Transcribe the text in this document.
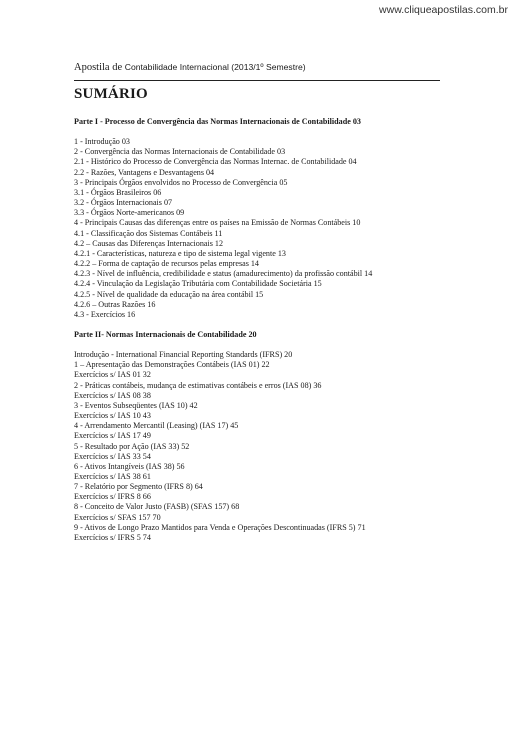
www.cliqueapostilas.com.br
Apostila de Contabilidade Internacional (2013/1º Semestre)
SUMÁRIO
Parte I - Processo de Convergência das Normas Internacionais de Contabilidade 03
1 - Introdução 03
2 - Convergência das Normas Internacionais de Contabilidade 03
2.1 - Histórico do Processo de Convergência das Normas Internac. de Contabilidade 04
2.2 - Razões, Vantagens e Desvantagens 04
3 - Principais Órgãos envolvidos no Processo de Convergência 05
3.1 - Órgãos Brasileiros 06
3.2 - Órgãos Internacionais 07
3.3 - Órgãos Norte-americanos 09
4 - Principais Causas das diferenças entre os países na Emissão de Normas Contábeis 10
4.1 - Classificação dos Sistemas Contábeis 11
4.2 – Causas das Diferenças Internacionais 12
4.2.1 - Características, natureza e tipo de sistema legal vigente 13
4.2.2 – Forma de captação de recursos pelas empresas 14
4.2.3 - Nível de influência, credibilidade e status (amadurecimento) da profissão contábil 14
4.2.4 - Vinculação da Legislação Tributária com Contabilidade Societária 15
4.2.5 - Nível de qualidade da educação na área contábil 15
4.2.6 – Outras Razões 16
4.3 - Exercícios 16
Parte II- Normas Internacionais de Contabilidade 20
Introdução - International Financial Reporting Standards (IFRS) 20
1 – Apresentação das Demonstrações Contábeis (IAS 01) 22
Exercícios s/ IAS 01 32
2 - Práticas contábeis, mudança de estimativas contábeis e erros (IAS 08) 36
Exercícios s/ IAS 08 38
3 - Eventos Subseqüentes (IAS 10) 42
Exercícios s/ IAS 10 43
4 - Arrendamento Mercantil (Leasing) (IAS 17) 45
Exercícios s/ IAS 17 49
5 - Resultado por Ação (IAS 33) 52
Exercícios s/ IAS 33 54
6 - Ativos Intangíveis (IAS 38) 56
Exercícios s/ IAS 38 61
7 - Relatório por Segmento (IFRS 8) 64
Exercícios s/ IFRS 8 66
8 - Conceito de Valor Justo (FASB) (SFAS 157) 68
Exercícios s/ SFAS 157 70
9 - Ativos de Longo Prazo Mantidos para Venda e Operações Descontinuadas (IFRS 5) 71
Exercícios s/ IFRS 5 74
